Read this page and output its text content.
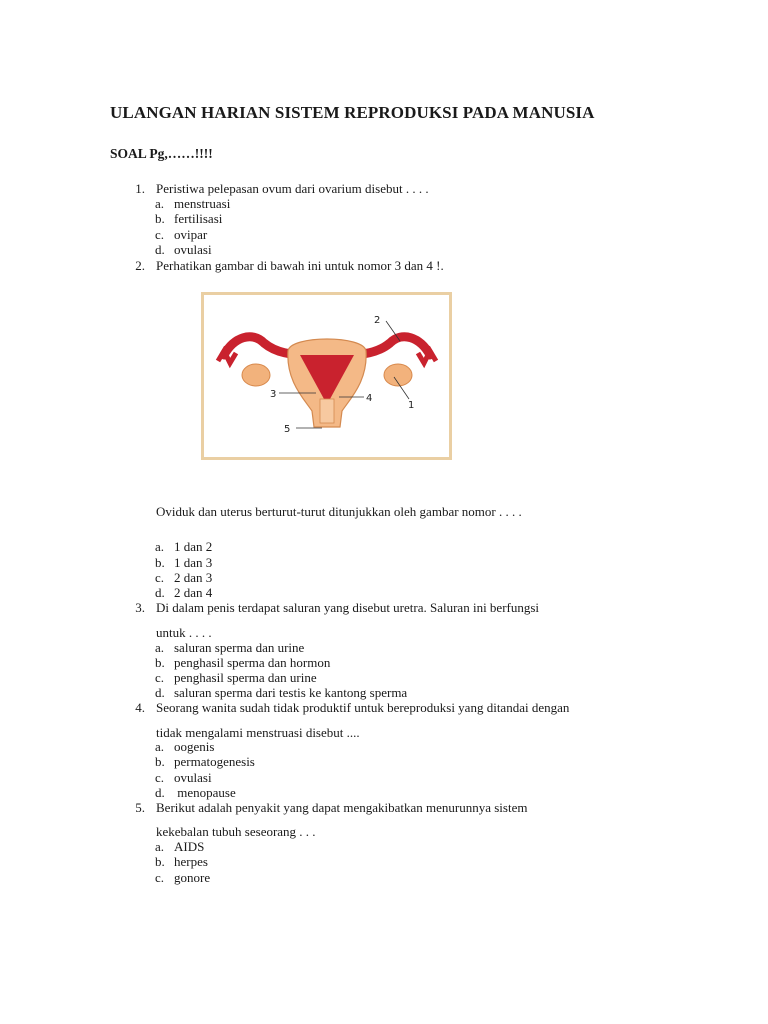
ULANGAN HARIAN SISTEM REPRODUKSI PADA MANUSIA
SOAL Pg,……!!!!
1. Peristiwa pelepasan ovum dari ovarium disebut . . . .
a. menstruasi
b. fertilisasi
c. ovipar
d. ovulasi
2. Perhatikan gambar di bawah ini untuk nomor 3 dan 4 !.
1
2
3	4
5
Oviduk dan uterus berturut-turut ditunjukkan oleh gambar nomor . . . .
a. 1 dan 2
b. 1 dan 3
c. 2 dan 3
d. 2 dan 4
3. Di dalam penis terdapat saluran yang disebut uretra. Saluran ini berfungsi
untuk . . . .
a. saluran sperma dan urine
b. penghasil sperma dan hormon
c. penghasil sperma dan urine
d. saluran sperma dari testis ke kantong sperma
4. Seorang wanita sudah tidak produktif untuk bereproduksi yang ditandai dengan
tidak mengalami menstruasi disebut ....
a. oogenis
b. permatogenesis
c. ovulasi
d. menopause
5. Berikut adalah penyakit yang dapat mengakibatkan menurunnya sistem
kekebalan tubuh seseorang . . .
a. AIDS
b. herpes
c. gonore
